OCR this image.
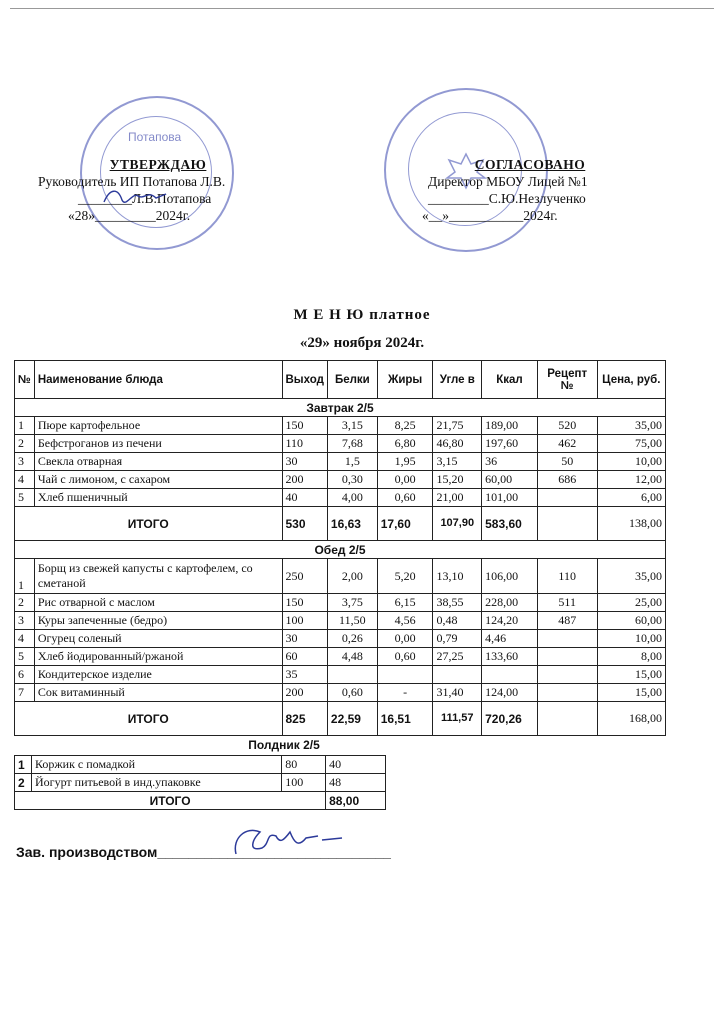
Потапова
УТВЕРЖДАЮ
Руководитель ИП Потапова Л.В.
________Л.В.Потапова
«28»_________2024г.
СОГЛАСОВАНО
Директор МБОУ Лицей №1
_________С.Ю.Незлученко
«__»___________2024г.
М Е Н Ю платное
«29» ноября 2024г.
№	Наименование блюда	Выход	Белки	Жиры	Угле в	Ккал	Рецепт №	Цена, руб.
Завтрак 2/5								
1	Пюре картофельное	150	3,15	8,25	21,75	189,00	520	35,00
2	Бефстроганов из печени	110	7,68	6,80	46,80	197,60	462	75,00
3	Свекла отварная	30	1,5	1,95	3,15	36	50	10,00
4	Чай с лимоном, с сахаром	200	0,30	0,00	15,20	60,00	686	12,00
5	Хлеб пшеничный	40	4,00	0,60	21,00	101,00		6,00
ИТОГО		530	16,63	17,60	107,90	583,60		138,00
Обед 2/5								
1	Борщ из свежей капусты с картофелем, со сметаной	250	2,00	5,20	13,10	106,00	110	35,00
2	Рис отварной с маслом	150	3,75	6,15	38,55	228,00	511	25,00
3	Куры запеченные (бедро)	100	11,50	4,56	0,48	124,20	487	60,00
4	Огурец соленый	30	0,26	0,00	0,79	4,46		10,00
5	Хлеб йодированный/ржаной	60	4,48	0,60	27,25	133,60		8,00
6	Кондитерское изделие	35						15,00
7	Сок витаминный	200	0,60	-	31,40	124,00		15,00
ИТОГО		825	22,59	16,51	111,57	720,26		168,00
Полдник 2/5
1	Коржик с помадкой	80	40
2	Йогурт питьевой в инд.упаковке	100	48
ИТОГО			88,00
Зав. производством______________________________
